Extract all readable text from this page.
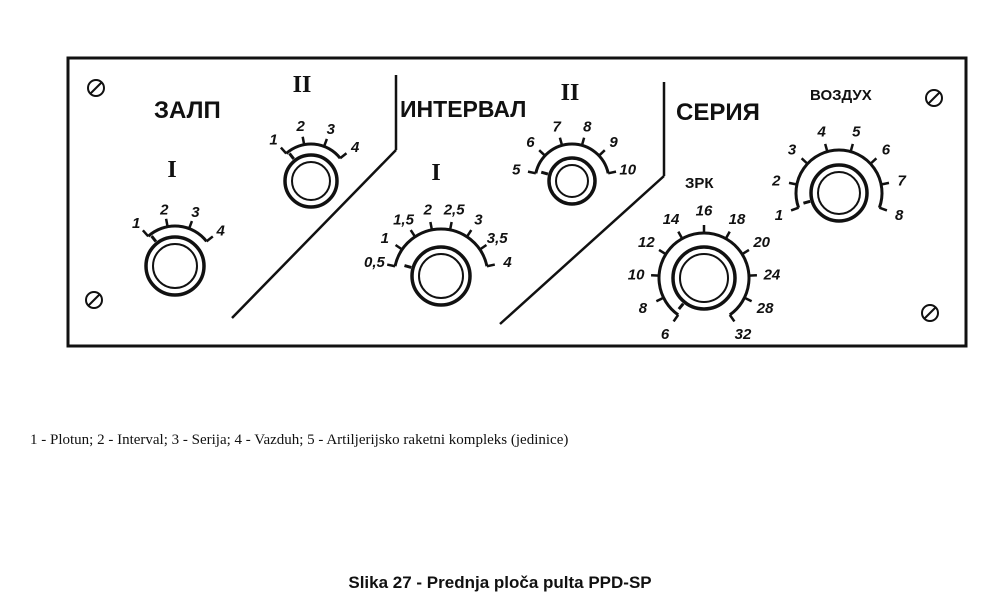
ЗАЛП	ИНТЕРВАЛ	СЕРИЯ
1
2 3
4
I
1
2 3
4
II
0,5
1
1,5
2 2,5
3
3,5
4
I	5
6
7 8
9
10
II
6
8
10
12
14
16
18
20
24
28
32
ЗРК
1
2
3
4 5
6
7
8
ВОЗДУХ
1 - Plotun; 2 - Interval; 3 - Serija; 4 - Vazduh; 5 - Artiljerijsko raketni kompleks (jedinice)
Slika 27 - Prednja ploča pulta PPD-SP
